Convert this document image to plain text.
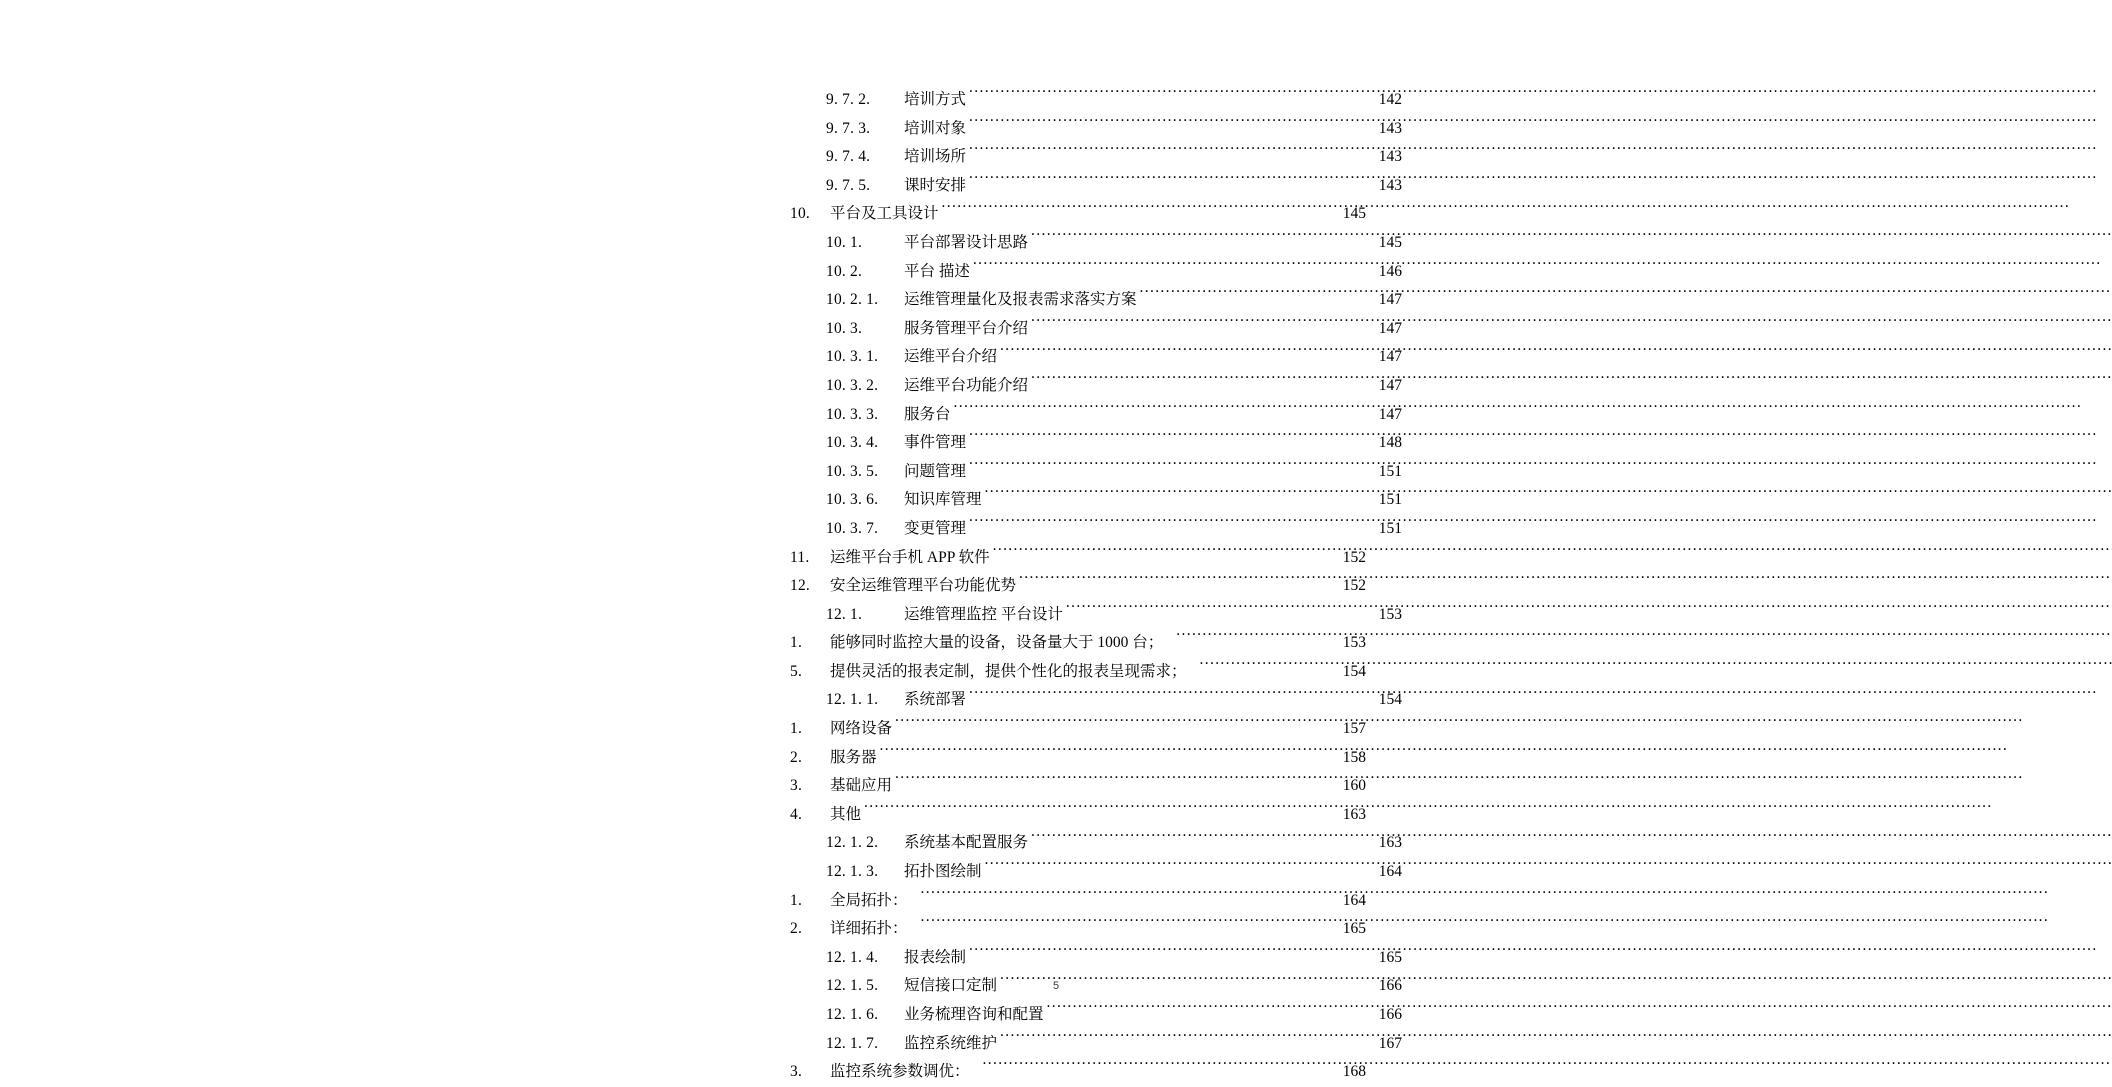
9. 7. 2.	培训方式 .....	142
9. 7. 3.	培训对象 .....	143
9. 7. 4.	培训场所 .....	143
9. 7. 5.	课时安排 .....	143
10.	平台及工具设计 .....	145
10. 1.	平台部署设计思路 .....	145
10. 2.	平台 描述 .....	146
10. 2. 1.	运维管理量化及报表需求落实方案 .....	147
10. 3.	服务管理平台介绍 .....	147
10. 3. 1.	运维平台介绍 .....	147
10. 3. 2.	运维平台功能介绍 .....	147
10. 3. 3.	服务台 .....	147
10. 3. 4.	事件管理 .....	148
10. 3. 5.	问题管理 .....	151
10. 3. 6.	知识库管理 .....	151
10. 3. 7.	变更管理 .....	151
11.	运维平台手机 APP 软件 .....	152
12.	安全运维管理平台功能优势 .....	152
12. 1.	运维管理监控 平台设计 .....	153
1.	能够同时监控大量的设备，设备量大于 1000 台； .....	153
5.	提供灵活的报表定制，提供个性化的报表呈现需求； .....	154
12. 1. 1.	系统部署 .....	154
1.	网络设备 .....	157
2.	服务器 .....	158
3.	基础应用 .....	160
4.	其他 .....	163
12. 1. 2.	系统基本配置服务 .....	163
12. 1. 3.	拓扑图绘制 .....	164
1.	全局拓扑： .....	164
2.	详细拓扑： .....	165
12. 1. 4.	报表绘制 .....	165
12. 1. 5.	短信接口定制 .....	166
12. 1. 6.	业务梳理咨询和配置 .....	166
12. 1. 7.	监控系统维护 .....	167
3.	监控系统参数调优： .....	168
5
